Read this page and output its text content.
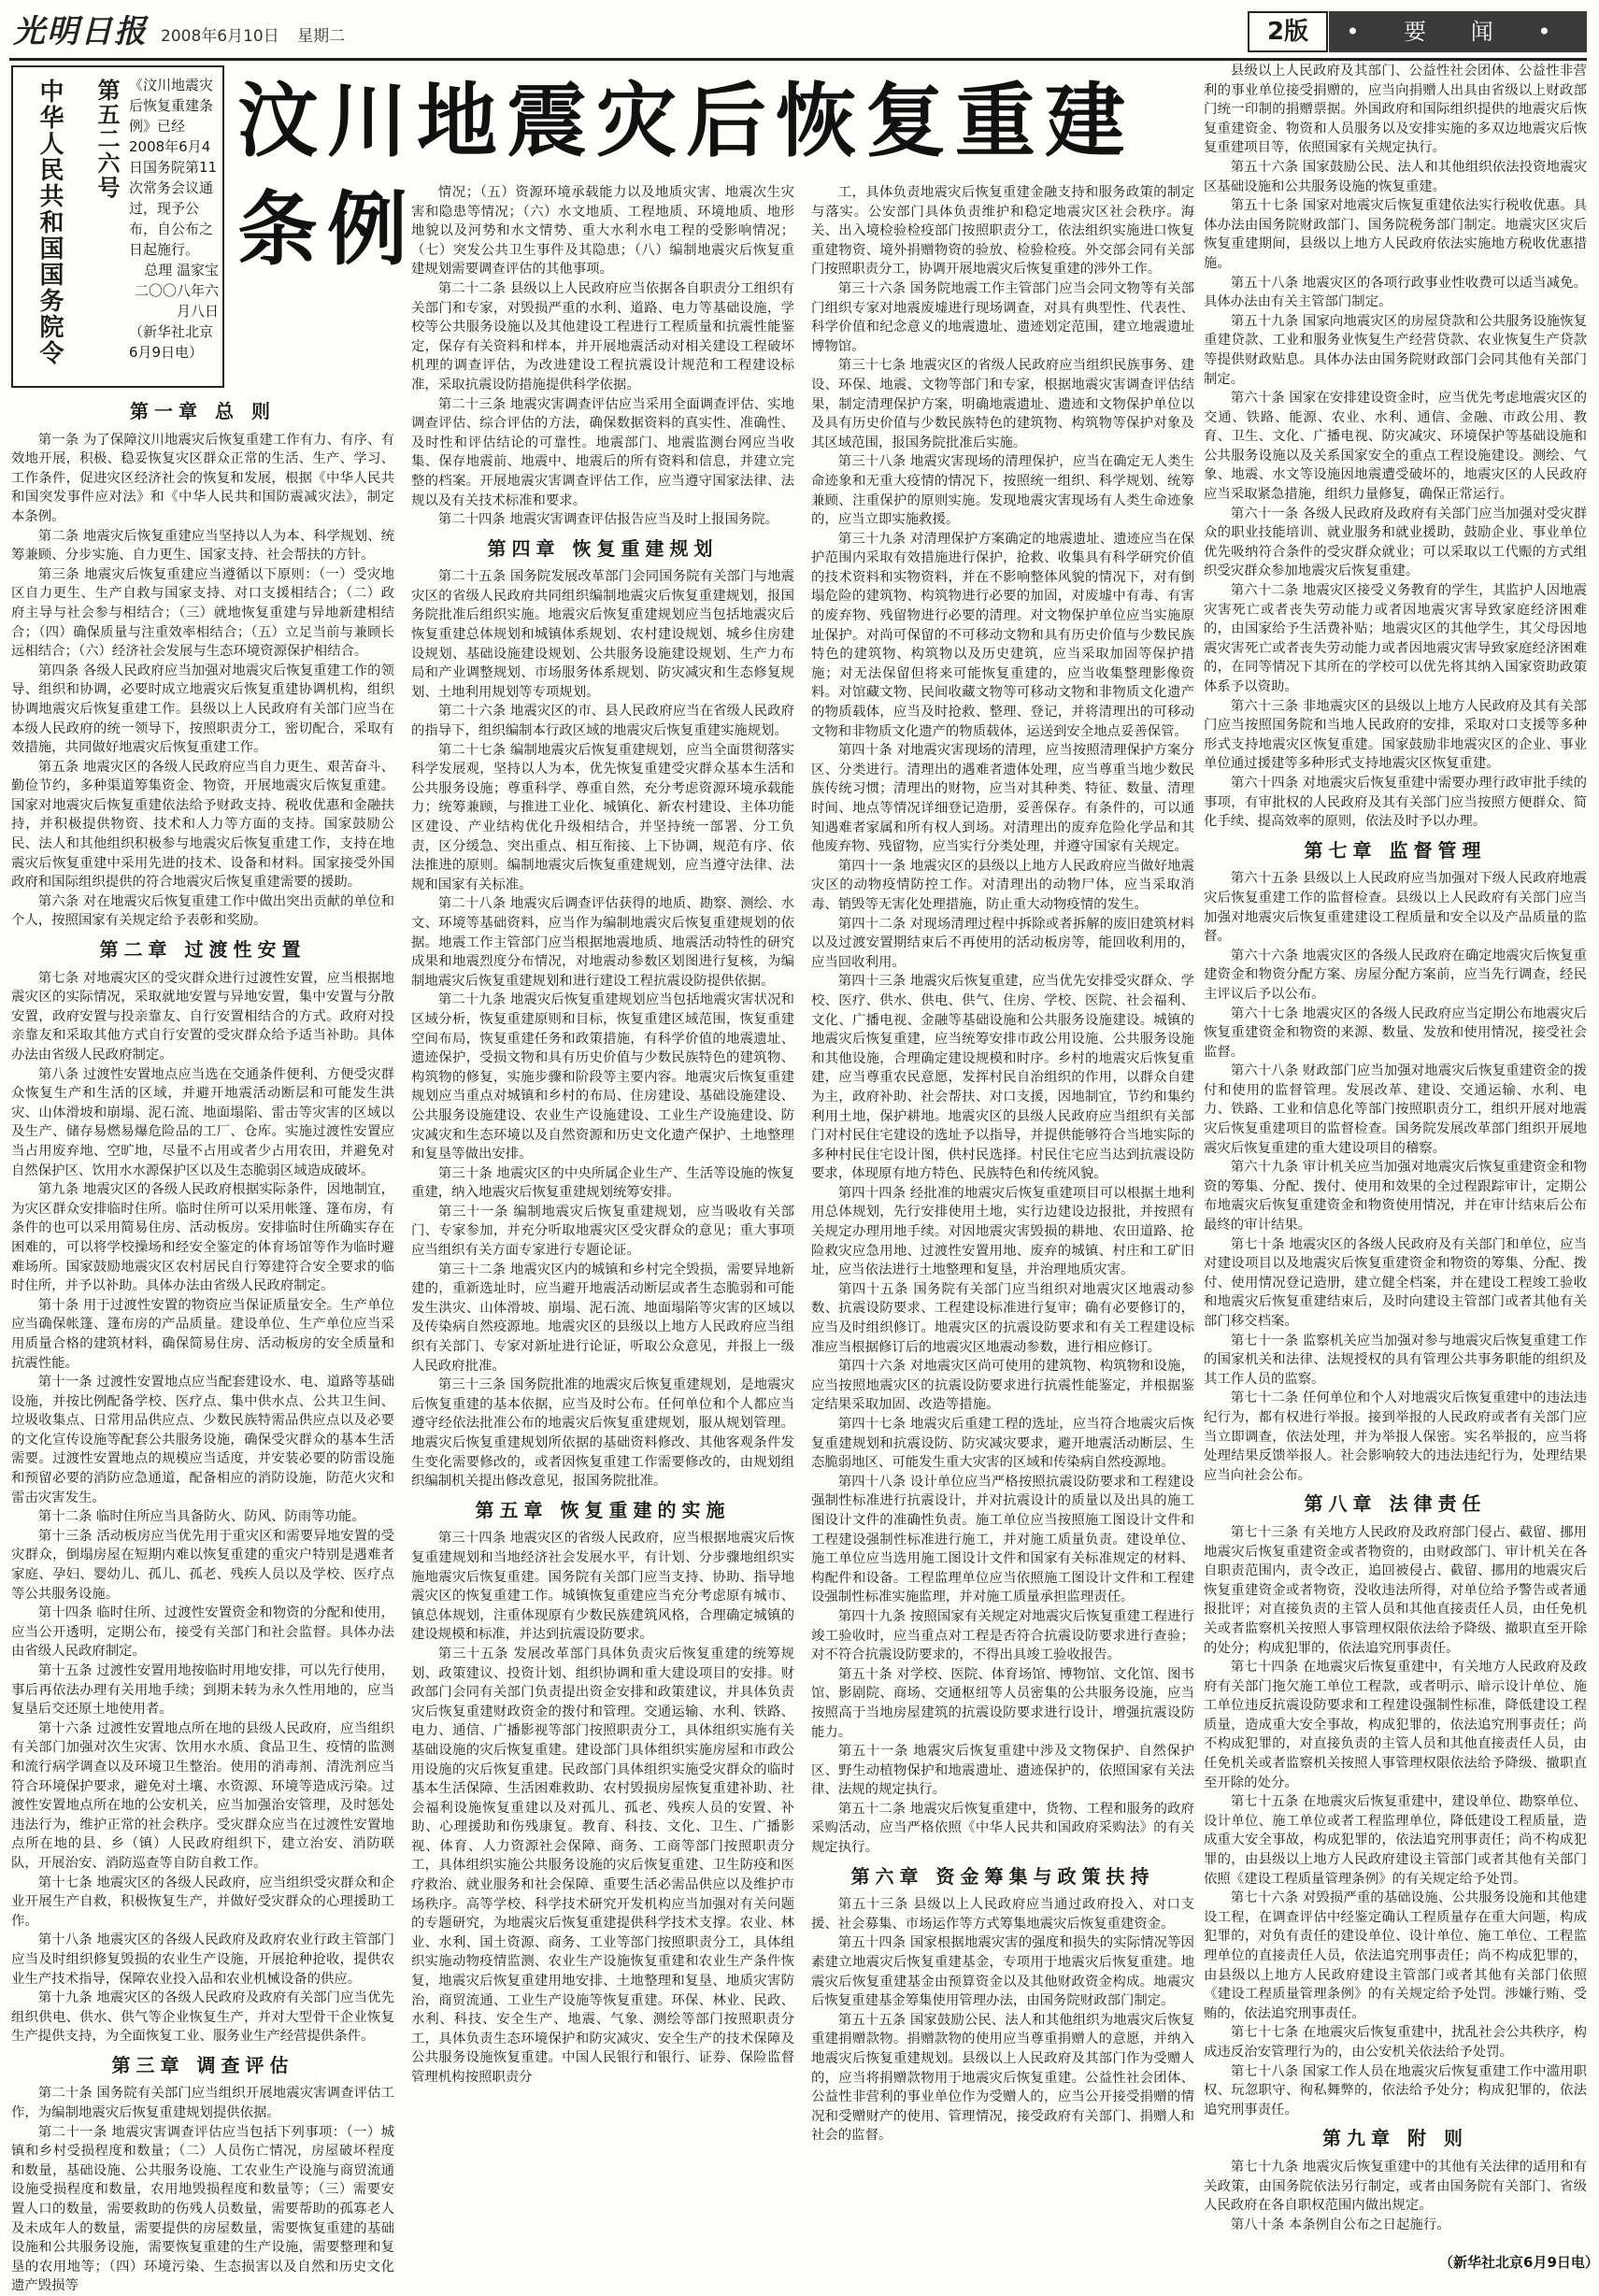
光明日报 2008年6月10日 星期二	2版	• 要 闻 •
中华人民共和国国务院令 第五二六号 《汶川地震灾后恢复重建条例》已经2008年6月4日国务院第11次常务会议通过，现予公布，自公布之日起施行。

总理 温家宝

二〇〇八年六月八日

（新华社北京6月9日电）

汶川地震灾后恢复重建条例
第一章 总 则

第一条 为了保障汶川地震灾后恢复重建工作有力、有序、有效地开展，积极、稳妥恢复灾区群众正常的生活、生产、学习、工作条件，促进灾区经济社会的恢复和发展，根据《中华人民共和国突发事件应对法》和《中华人民共和国防震减灾法》，制定本条例。

第二条 地震灾后恢复重建应当坚持以人为本、科学规划、统筹兼顾、分步实施、自力更生、国家支持、社会帮扶的方针。

第三条 地震灾后恢复重建应当遵循以下原则：（一）受灾地区自力更生、生产自救与国家支持、对口支援相结合；（二）政府主导与社会参与相结合；（三）就地恢复重建与异地新建相结合；（四）确保质量与注重效率相结合；（五）立足当前与兼顾长远相结合；（六）经济社会发展与生态环境资源保护相结合。

第四条 各级人民政府应当加强对地震灾后恢复重建工作的领导、组织和协调，必要时成立地震灾后恢复重建协调机构，组织协调地震灾后恢复重建工作。县级以上人民政府有关部门应当在本级人民政府的统一领导下，按照职责分工，密切配合，采取有效措施，共同做好地震灾后恢复重建工作。

第五条 地震灾区的各级人民政府应当自力更生、艰苦奋斗、勤俭节约，多种渠道筹集资金、物资，开展地震灾后恢复重建。国家对地震灾后恢复重建依法给予财政支持、税收优惠和金融扶持，并积极提供物资、技术和人力等方面的支持。国家鼓励公民、法人和其他组织积极参与地震灾后恢复重建工作，支持在地震灾后恢复重建中采用先进的技术、设备和材料。国家接受外国政府和国际组织提供的符合地震灾后恢复重建需要的援助。

第六条 对在地震灾后恢复重建工作中做出突出贡献的单位和个人，按照国家有关规定给予表彰和奖励。

第二章 过渡性安置

第七条 对地震灾区的受灾群众进行过渡性安置，应当根据地震灾区的实际情况，采取就地安置与异地安置，集中安置与分散安置，政府安置与投亲靠友、自行安置相结合的方式。政府对投亲靠友和采取其他方式自行安置的受灾群众给予适当补助。具体办法由省级人民政府制定。

第八条 过渡性安置地点应当选在交通条件便利、方便受灾群众恢复生产和生活的区域，并避开地震活动断层和可能发生洪灾、山体滑坡和崩塌、泥石流、地面塌陷、雷击等灾害的区域以及生产、储存易燃易爆危险品的工厂、仓库。实施过渡性安置应当占用废弃地、空旷地，尽量不占用或者少占用农田，并避免对自然保护区、饮用水水源保护区以及生态脆弱区域造成破坏。

第九条 地震灾区的各级人民政府根据实际条件，因地制宜，为灾区群众安排临时住所。临时住所可以采用帐篷、篷布房，有条件的也可以采用简易住房、活动板房。安排临时住所确实存在困难的，可以将学校操场和经安全鉴定的体育场馆等作为临时避难场所。国家鼓励地震灾区农村居民自行筹建符合安全要求的临时住所，并予以补助。具体办法由省级人民政府制定。

第十条 用于过渡性安置的物资应当保证质量安全。生产单位应当确保帐篷、篷布房的产品质量。建设单位、生产单位应当采用质量合格的建筑材料，确保简易住房、活动板房的安全质量和抗震性能。

第十一条 过渡性安置地点应当配套建设水、电、道路等基础设施，并按比例配备学校、医疗点、集中供水点、公共卫生间、垃圾收集点、日常用品供应点、少数民族特需品供应点以及必要的文化宣传设施等配套公共服务设施，确保受灾群众的基本生活需要。过渡性安置地点的规模应当适度，并安装必要的防雷设施和预留必要的消防应急通道，配备相应的消防设施，防范火灾和雷击灾害发生。

第十二条 临时住所应当具备防火、防风、防雨等功能。

第十三条 活动板房应当优先用于重灾区和需要异地安置的受灾群众，倒塌房屋在短期内难以恢复重建的重灾户特别是遇难者家庭、孕妇、婴幼儿、孤儿、孤老、残疾人员以及学校、医疗点等公共服务设施。

第十四条 临时住所、过渡性安置资金和物资的分配和使用，应当公开透明，定期公布，接受有关部门和社会监督。具体办法由省级人民政府制定。

第十五条 过渡性安置用地按临时用地安排，可以先行使用，事后再依法办理有关用地手续；到期未转为永久性用地的，应当复垦后交还原土地使用者。

第十六条 过渡性安置地点所在地的县级人民政府，应当组织有关部门加强对次生灾害、饮用水水质、食品卫生、疫情的监测和流行病学调查以及环境卫生整治。使用的消毒剂、清洗剂应当符合环境保护要求，避免对土壤、水资源、环境等造成污染。过渡性安置地点所在地的公安机关，应当加强治安管理，及时惩处违法行为，维护正常的社会秩序。受灾群众应当在过渡性安置地点所在地的县、乡（镇）人民政府组织下，建立治安、消防联队，开展治安、消防巡查等自防自救工作。

第十七条 地震灾区的各级人民政府，应当组织受灾群众和企业开展生产自救，积极恢复生产，并做好受灾群众的心理援助工作。

第十八条 地震灾区的各级人民政府及政府农业行政主管部门应当及时组织修复毁损的农业生产设施，开展抢种抢收，提供农业生产技术指导，保障农业投入品和农业机械设备的供应。

第十九条 地震灾区的各级人民政府及政府有关部门应当优先组织供电、供水、供气等企业恢复生产，并对大型骨干企业恢复生产提供支持，为全面恢复工业、服务业生产经营提供条件。

第三章 调查评估

第二十条 国务院有关部门应当组织开展地震灾害调查评估工作，为编制地震灾后恢复重建规划提供依据。

第二十一条 地震灾害调查评估应当包括下列事项：（一）城镇和乡村受损程度和数量；（二）人员伤亡情况，房屋破坏程度和数量，基础设施、公共服务设施、工农业生产设施与商贸流通设施受损程度和数量，农用地毁损程度和数量等；（三）需要安置人口的数量，需要救助的伤残人员数量，需要帮助的孤寡老人及未成年人的数量，需要提供的房屋数量，需要恢复重建的基础设施和公共服务设施，需要恢复重建的生产设施，需要整理和复垦的农用地等；（四）环境污染、生态损害以及自然和历史文化遗产毁损等

情况；（五）资源环境承载能力以及地质灾害、地震次生灾害和隐患等情况；（六）水文地质、工程地质、环境地质、地形地貌以及河势和水文情势、重大水利水电工程的受影响情况；（七）突发公共卫生事件及其隐患；（八）编制地震灾后恢复重建规划需要调查评估的其他事项。

第二十二条 县级以上人民政府应当依据各自职责分工组织有关部门和专家，对毁损严重的水利、道路、电力等基础设施，学校等公共服务设施以及其他建设工程进行工程质量和抗震性能鉴定，保存有关资料和样本，并开展地震活动对相关建设工程破坏机理的调查评估，为改进建设工程抗震设计规范和工程建设标准，采取抗震设防措施提供科学依据。

第二十三条 地震灾害调查评估应当采用全面调查评估、实地调查评估、综合评估的方法，确保数据资料的真实性、准确性、及时性和评估结论的可靠性。地震部门、地震监测台网应当收集、保存地震前、地震中、地震后的所有资料和信息，并建立完整的档案。开展地震灾害调查评估工作，应当遵守国家法律、法规以及有关技术标准和要求。

第二十四条 地震灾害调查评估报告应当及时上报国务院。

第四章 恢复重建规划

第二十五条 国务院发展改革部门会同国务院有关部门与地震灾区的省级人民政府共同组织编制地震灾后恢复重建规划，报国务院批准后组织实施。地震灾后恢复重建规划应当包括地震灾后恢复重建总体规划和城镇体系规划、农村建设规划、城乡住房建设规划、基础设施建设规划、公共服务设施建设规划、生产力布局和产业调整规划、市场服务体系规划、防灾减灾和生态修复规划、土地利用规划等专项规划。

第二十六条 地震灾区的市、县人民政府应当在省级人民政府的指导下，组织编制本行政区域的地震灾后恢复重建实施规划。

第二十七条 编制地震灾后恢复重建规划，应当全面贯彻落实科学发展观，坚持以人为本，优先恢复重建受灾群众基本生活和公共服务设施；尊重科学、尊重自然，充分考虑资源环境承载能力；统筹兼顾，与推进工业化、城镇化、新农村建设、主体功能区建设、产业结构优化升级相结合，并坚持统一部署、分工负责，区分缓急、突出重点、相互衔接、上下协调，规范有序、依法推进的原则。编制地震灾后恢复重建规划，应当遵守法律、法规和国家有关标准。

第二十八条 地震灾后调查评估获得的地质、勘察、测绘、水文、环境等基础资料，应当作为编制地震灾后恢复重建规划的依据。地震工作主管部门应当根据地震地质、地震活动特性的研究成果和地震烈度分布情况，对地震动参数区划图进行复核，为编制地震灾后恢复重建规划和进行建设工程抗震设防提供依据。

第二十九条 地震灾后恢复重建规划应当包括地震灾害状况和区域分析，恢复重建原则和目标，恢复重建区域范围，恢复重建空间布局，恢复重建任务和政策措施，有科学价值的地震遗址、遗迹保护，受损文物和具有历史价值与少数民族特色的建筑物、构筑物的修复，实施步骤和阶段等主要内容。地震灾后恢复重建规划应当重点对城镇和乡村的布局、住房建设、基础设施建设、公共服务设施建设、农业生产设施建设、工业生产设施建设、防灾减灾和生态环境以及自然资源和历史文化遗产保护、土地整理和复垦等做出安排。

第三十条 地震灾区的中央所属企业生产、生活等设施的恢复重建，纳入地震灾后恢复重建规划统筹安排。

第三十一条 编制地震灾后恢复重建规划，应当吸收有关部门、专家参加，并充分听取地震灾区受灾群众的意见；重大事项应当组织有关方面专家进行专题论证。

第三十二条 地震灾区内的城镇和乡村完全毁损，需要异地新建的，重新选址时，应当避开地震活动断层或者生态脆弱和可能发生洪灾、山体滑坡、崩塌、泥石流、地面塌陷等灾害的区域以及传染病自然疫源地。地震灾区的县级以上地方人民政府应当组织有关部门、专家对新址进行论证，听取公众意见，并报上一级人民政府批准。

第三十三条 国务院批准的地震灾后恢复重建规划，是地震灾后恢复重建的基本依据，应当及时公布。任何单位和个人都应当遵守经依法批准公布的地震灾后恢复重建规划，服从规划管理。地震灾后恢复重建规划所依据的基础资料修改、其他客观条件发生变化需要修改的，或者因恢复重建工作需要修改的，由规划组织编制机关提出修改意见，报国务院批准。

第五章 恢复重建的实施

第三十四条 地震灾区的省级人民政府，应当根据地震灾后恢复重建规划和当地经济社会发展水平，有计划、分步骤地组织实施地震灾后恢复重建。国务院有关部门应当支持、协助、指导地震灾区的恢复重建工作。城镇恢复重建应当充分考虑原有城市、镇总体规划，注重体现原有少数民族建筑风格，合理确定城镇的建设规模和标准，并达到抗震设防要求。

第三十五条 发展改革部门具体负责灾后恢复重建的统筹规划、政策建议、投资计划、组织协调和重大建设项目的安排。财政部门会同有关部门负责提出资金安排和政策建议，并具体负责灾后恢复重建财政资金的拨付和管理。交通运输、水利、铁路、电力、通信、广播影视等部门按照职责分工，具体组织实施有关基础设施的灾后恢复重建。建设部门具体组织实施房屋和市政公用设施的灾后恢复重建。民政部门具体组织实施受灾群众的临时基本生活保障、生活困难救助、农村毁损房屋恢复重建补助、社会福利设施恢复重建以及对孤儿、孤老、残疾人员的安置、补助、心理援助和伤残康复。教育、科技、文化、卫生、广播影视、体育、人力资源社会保障、商务、工商等部门按照职责分工，具体组织实施公共服务设施的灾后恢复重建、卫生防疫和医疗救治、就业服务和社会保障、重要生活必需品供应以及维护市场秩序。高等学校、科学技术研究开发机构应当加强对有关问题的专题研究，为地震灾后恢复重建提供科学技术支撑。农业、林业、水利、国土资源、商务、工业等部门按照职责分工，具体组织实施动物疫情监测、农业生产设施恢复重建和农业生产条件恢复，地震灾后恢复重建用地安排、土地整理和复垦、地质灾害防治，商贸流通、工业生产设施等恢复重建。环保、林业、民政、水利、科技、安全生产、地震、气象、测绘等部门按照职责分工，具体负责生态环境保护和防灾减灾、安全生产的技术保障及公共服务设施恢复重建。中国人民银行和银行、证券、保险监督管理机构按照职责分

工，具体负责地震灾后恢复重建金融支持和服务政策的制定与落实。公安部门具体负责维护和稳定地震灾区社会秩序。海关、出入境检验检疫部门按照职责分工，依法组织实施进口恢复重建物资、境外捐赠物资的验放、检验检疫。外交部会同有关部门按照职责分工，协调开展地震灾后恢复重建的涉外工作。

第三十六条 国务院地震工作主管部门应当会同文物等有关部门组织专家对地震废墟进行现场调查，对具有典型性、代表性、科学价值和纪念意义的地震遗址、遗迹划定范围，建立地震遗址博物馆。

第三十七条 地震灾区的省级人民政府应当组织民族事务、建设、环保、地震、文物等部门和专家，根据地震灾害调查评估结果，制定清理保护方案，明确地震遗址、遗迹和文物保护单位以及具有历史价值与少数民族特色的建筑物、构筑物等保护对象及其区域范围，报国务院批准后实施。

第三十八条 地震灾害现场的清理保护，应当在确定无人类生命迹象和无重大疫情的情况下，按照统一组织、科学规划、统筹兼顾、注重保护的原则实施。发现地震灾害现场有人类生命迹象的，应当立即实施救援。

第三十九条 对清理保护方案确定的地震遗址、遗迹应当在保护范围内采取有效措施进行保护，抢救、收集具有科学研究价值的技术资料和实物资料，并在不影响整体风貌的情况下，对有倒塌危险的建筑物、构筑物进行必要的加固，对废墟中有毒、有害的废弃物、残留物进行必要的清理。对文物保护单位应当实施原址保护。对尚可保留的不可移动文物和具有历史价值与少数民族特色的建筑物、构筑物以及历史建筑，应当采取加固等保护措施；对无法保留但将来可能恢复重建的，应当收集整理影像资料。对馆藏文物、民间收藏文物等可移动文物和非物质文化遗产的物质载体，应当及时抢救、整理、登记，并将清理出的可移动文物和非物质文化遗产的物质载体，运送到安全地点妥善保管。

第四十条 对地震灾害现场的清理，应当按照清理保护方案分区、分类进行。清理出的遇难者遗体处理，应当尊重当地少数民族传统习惯；清理出的财物，应当对其种类、特征、数量、清理时间、地点等情况详细登记造册，妥善保存。有条件的，可以通知遇难者家属和所有权人到场。对清理出的废弃危险化学品和其他废弃物、残留物，应当实行分类处理，并遵守国家有关规定。

第四十一条 地震灾区的县级以上地方人民政府应当做好地震灾区的动物疫情防控工作。对清理出的动物尸体，应当采取消毒、销毁等无害化处理措施，防止重大动物疫情的发生。

第四十二条 对现场清理过程中拆除或者拆解的废旧建筑材料以及过渡安置期结束后不再使用的活动板房等，能回收利用的，应当回收利用。

第四十三条 地震灾后恢复重建，应当优先安排受灾群众、学校、医疗、供水、供电、供气、住房、学校、医院、社会福利、文化、广播电视、金融等基础设施和公共服务设施建设。城镇的地震灾后恢复重建，应当统筹安排市政公用设施、公共服务设施和其他设施，合理确定建设规模和时序。乡村的地震灾后恢复重建，应当尊重农民意愿，发挥村民自治组织的作用，以群众自建为主，政府补助、社会帮扶、对口支援，因地制宜，节约和集约利用土地，保护耕地。地震灾区的县级人民政府应当组织有关部门对村民住宅建设的选址予以指导，并提供能够符合当地实际的多种村民住宅设计图，供村民选择。村民住宅应当达到抗震设防要求，体现原有地方特色、民族特色和传统风貌。

第四十四条 经批准的地震灾后恢复重建项目可以根据土地利用总体规划，先行安排使用土地，实行边建设边报批，并按照有关规定办理用地手续。对因地震灾害毁损的耕地、农田道路、抢险救灾应急用地、过渡性安置用地、废弃的城镇、村庄和工矿旧址，应当依法进行土地整理和复垦，并治理地质灾害。

第四十五条 国务院有关部门应当组织对地震灾区地震动参数、抗震设防要求、工程建设标准进行复审；确有必要修订的，应当及时组织修订。地震灾区的抗震设防要求和有关工程建设标准应当根据修订后的地震灾区地震动参数，进行相应修订。

第四十六条 对地震灾区尚可使用的建筑物、构筑物和设施，应当按照地震灾区的抗震设防要求进行抗震性能鉴定，并根据鉴定结果采取加固、改造等措施。

第四十七条 地震灾后重建工程的选址，应当符合地震灾后恢复重建规划和抗震设防、防灾减灾要求，避开地震活动断层、生态脆弱地区、可能发生重大灾害的区域和传染病自然疫源地。

第四十八条 设计单位应当严格按照抗震设防要求和工程建设强制性标准进行抗震设计，并对抗震设计的质量以及出具的施工图设计文件的准确性负责。施工单位应当按照施工图设计文件和工程建设强制性标准进行施工，并对施工质量负责。建设单位、施工单位应当选用施工图设计文件和国家有关标准规定的材料、构配件和设备。工程监理单位应当依照施工图设计文件和工程建设强制性标准实施监理，并对施工质量承担监理责任。

第四十九条 按照国家有关规定对地震灾后恢复重建工程进行竣工验收时，应当重点对工程是否符合抗震设防要求进行查验；对不符合抗震设防要求的，不得出具竣工验收报告。

第五十条 对学校、医院、体育场馆、博物馆、文化馆、图书馆、影剧院、商场、交通枢纽等人员密集的公共服务设施，应当按照高于当地房屋建筑的抗震设防要求进行设计，增强抗震设防能力。

第五十一条 地震灾后恢复重建中涉及文物保护、自然保护区、野生动植物保护和地震遗址、遗迹保护的，依照国家有关法律、法规的规定执行。

第五十二条 地震灾后恢复重建中，货物、工程和服务的政府采购活动，应当严格依照《中华人民共和国政府采购法》的有关规定执行。

第六章 资金筹集与政策扶持

第五十三条 县级以上人民政府应当通过政府投入、对口支援、社会募集、市场运作等方式筹集地震灾后恢复重建资金。

第五十四条 国家根据地震灾害的强度和损失的实际情况等因素建立地震灾后恢复重建基金，专项用于地震灾后恢复重建。地震灾后恢复重建基金由预算资金以及其他财政资金构成。地震灾后恢复重建基金筹集使用管理办法，由国务院财政部门制定。

第五十五条 国家鼓励公民、法人和其他组织为地震灾后恢复重建捐赠款物。捐赠款物的使用应当尊重捐赠人的意愿，并纳入地震灾后恢复重建规划。县级以上人民政府及其部门作为受赠人的，应当将捐赠款物用于地震灾后恢复重建。公益性社会团体、公益性非营利的事业单位作为受赠人的，应当公开接受捐赠的情况和受赠财产的使用、管理情况，接受政府有关部门、捐赠人和社会的监督。

县级以上人民政府及其部门、公益性社会团体、公益性非营利的事业单位接受捐赠的，应当向捐赠人出具由省级以上财政部门统一印制的捐赠票据。外国政府和国际组织提供的地震灾后恢复重建资金、物资和人员服务以及安排实施的多双边地震灾后恢复重建项目等，依照国家有关规定执行。

第五十六条 国家鼓励公民、法人和其他组织依法投资地震灾区基础设施和公共服务设施的恢复重建。

第五十七条 国家对地震灾后恢复重建依法实行税收优惠。具体办法由国务院财政部门、国务院税务部门制定。地震灾区灾后恢复重建期间，县级以上地方人民政府依法实施地方税收优惠措施。

第五十八条 地震灾区的各项行政事业性收费可以适当减免。具体办法由有关主管部门制定。

第五十九条 国家向地震灾区的房屋贷款和公共服务设施恢复重建贷款、工业和服务业恢复生产经营贷款、农业恢复生产贷款等提供财政贴息。具体办法由国务院财政部门会同其他有关部门制定。

第六十条 国家在安排建设资金时，应当优先考虑地震灾区的交通、铁路、能源、农业、水利、通信、金融、市政公用、教育、卫生、文化、广播电视、防灾减灾、环境保护等基础设施和公共服务设施以及关系国家安全的重点工程设施建设。测绘、气象、地震、水文等设施因地震遭受破坏的，地震灾区的人民政府应当采取紧急措施，组织力量修复，确保正常运行。

第六十一条 各级人民政府及政府有关部门应当加强对受灾群众的职业技能培训、就业服务和就业援助，鼓励企业、事业单位优先吸纳符合条件的受灾群众就业；可以采取以工代赈的方式组织受灾群众参加地震灾后恢复重建。

第六十二条 地震灾区接受义务教育的学生，其监护人因地震灾害死亡或者丧失劳动能力或者因地震灾害导致家庭经济困难的，由国家给予生活费补贴；地震灾区的其他学生，其父母因地震灾害死亡或者丧失劳动能力或者因地震灾害导致家庭经济困难的，在同等情况下其所在的学校可以优先将其纳入国家资助政策体系予以资助。

第六十三条 非地震灾区的县级以上地方人民政府及其有关部门应当按照国务院和当地人民政府的安排，采取对口支援等多种形式支持地震灾区恢复重建。国家鼓励非地震灾区的企业、事业单位通过援建等多种形式支持地震灾区恢复重建。

第六十四条 对地震灾后恢复重建中需要办理行政审批手续的事项，有审批权的人民政府及其有关部门应当按照方便群众、简化手续、提高效率的原则，依法及时予以办理。

第七章 监督管理

第六十五条 县级以上人民政府应当加强对下级人民政府地震灾后恢复重建工作的监督检查。县级以上人民政府有关部门应当加强对地震灾后恢复重建建设工程质量和安全以及产品质量的监督。

第六十六条 地震灾区的各级人民政府在确定地震灾后恢复重建资金和物资分配方案、房屋分配方案前，应当先行调查，经民主评议后予以公布。

第六十七条 地震灾区的各级人民政府应当定期公布地震灾后恢复重建资金和物资的来源、数量、发放和使用情况，接受社会监督。

第六十八条 财政部门应当加强对地震灾后恢复重建资金的拨付和使用的监督管理。发展改革、建设、交通运输、水利、电力、铁路、工业和信息化等部门按照职责分工，组织开展对地震灾后恢复重建项目的监督检查。国务院发展改革部门组织开展地震灾后恢复重建的重大建设项目的稽察。

第六十九条 审计机关应当加强对地震灾后恢复重建资金和物资的筹集、分配、拨付、使用和效果的全过程跟踪审计，定期公布地震灾后恢复重建资金和物资使用情况，并在审计结束后公布最终的审计结果。

第七十条 地震灾区的各级人民政府及有关部门和单位，应当对建设项目以及地震灾后恢复重建资金和物资的筹集、分配、拨付、使用情况登记造册，建立健全档案，并在建设工程竣工验收和地震灾后恢复重建结束后，及时向建设主管部门或者其他有关部门移交档案。

第七十一条 监察机关应当加强对参与地震灾后恢复重建工作的国家机关和法律、法规授权的具有管理公共事务职能的组织及其工作人员的监察。

第七十二条 任何单位和个人对地震灾后恢复重建中的违法违纪行为，都有权进行举报。接到举报的人民政府或者有关部门应当立即调查，依法处理，并为举报人保密。实名举报的，应当将处理结果反馈举报人。社会影响较大的违法违纪行为，处理结果应当向社会公布。

第八章 法律责任

第七十三条 有关地方人民政府及政府部门侵占、截留、挪用地震灾后恢复重建资金或者物资的，由财政部门、审计机关在各自职责范围内，责令改正，追回被侵占、截留、挪用的地震灾后恢复重建资金或者物资，没收违法所得，对单位给予警告或者通报批评；对直接负责的主管人员和其他直接责任人员，由任免机关或者监察机关按照人事管理权限依法给予降级、撤职直至开除的处分；构成犯罪的，依法追究刑事责任。

第七十四条 在地震灾后恢复重建中，有关地方人民政府及政府有关部门拖欠施工单位工程款，或者明示、暗示设计单位、施工单位违反抗震设防要求和工程建设强制性标准，降低建设工程质量，造成重大安全事故，构成犯罪的，依法追究刑事责任；尚不构成犯罪的，对直接负责的主管人员和其他直接责任人员，由任免机关或者监察机关按照人事管理权限依法给予降级、撤职直至开除的处分。

第七十五条 在地震灾后恢复重建中，建设单位、勘察单位、设计单位、施工单位或者工程监理单位，降低建设工程质量，造成重大安全事故，构成犯罪的，依法追究刑事责任；尚不构成犯罪的，由县级以上地方人民政府建设主管部门或者其他有关部门依照《建设工程质量管理条例》的有关规定给予处罚。

第七十六条 对毁损严重的基础设施、公共服务设施和其他建设工程，在调查评估中经鉴定确认工程质量存在重大问题，构成犯罪的，对负有责任的建设单位、设计单位、施工单位、工程监理单位的直接责任人员，依法追究刑事责任；尚不构成犯罪的，由县级以上地方人民政府建设主管部门或者其他有关部门依照《建设工程质量管理条例》的有关规定给予处罚。涉嫌行贿、受贿的，依法追究刑事责任。

第七十七条 在地震灾后恢复重建中，扰乱社会公共秩序，构成违反治安管理行为的，由公安机关依法给予处罚。

第七十八条 国家工作人员在地震灾后恢复重建工作中滥用职权、玩忽职守、徇私舞弊的，依法给予处分；构成犯罪的，依法追究刑事责任。

第九章 附 则

第七十九条 地震灾后恢复重建中的其他有关法律的适用和有关政策，由国务院依法另行制定，或者由国务院有关部门、省级人民政府在各自职权范围内做出规定。

第八十条 本条例自公布之日起施行。

（新华社北京6月9日电）
